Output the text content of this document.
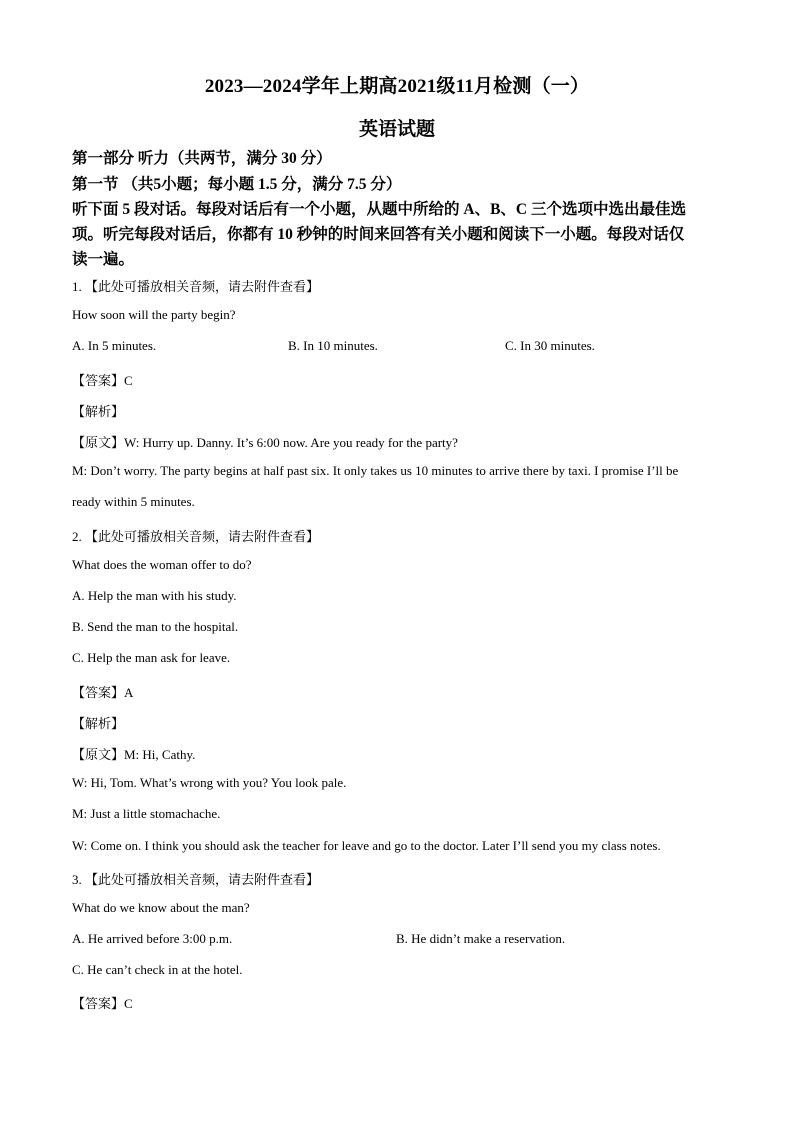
2023—2024学年上期高2021级11月检测（一）
英语试题
第一部分 听力（共两节，满分 30 分）
第一节 （共5小题；每小题 1.5 分，满分 7.5 分）
听下面 5 段对话。每段对话后有一个小题，从题中所给的 A、B、C 三个选项中选出最佳选
项。听完每段对话后，你都有 10 秒钟的时间来回答有关小题和阅读下一小题。每段对话仅
读一遍。
1. 【此处可播放相关音频，请去附件查看】
How soon will the party begin?
A. In 5 minutes.	B. In 10 minutes.	C. In 30 minutes.
【答案】C
【解析】
【原文】W: Hurry up. Danny. It’s 6:00 now. Are you ready for the party?
M: Don’t worry. The party begins at half past six. It only takes us 10 minutes to arrive there by taxi. I promise I’ll be
ready within 5 minutes.
2. 【此处可播放相关音频，请去附件查看】
What does the woman offer to do?
A. Help the man with his study.
B. Send the man to the hospital.
C. Help the man ask for leave.
【答案】A
【解析】
【原文】M: Hi, Cathy.
W: Hi, Tom. What’s wrong with you? You look pale.
M: Just a little stomachache.
W: Come on. I think you should ask the teacher for leave and go to the doctor. Later I’ll send you my class notes.
3. 【此处可播放相关音频，请去附件查看】
What do we know about the man?
A. He arrived before 3:00 p.m.	B. He didn’t make a reservation.
C. He can’t check in at the hotel.
【答案】C
